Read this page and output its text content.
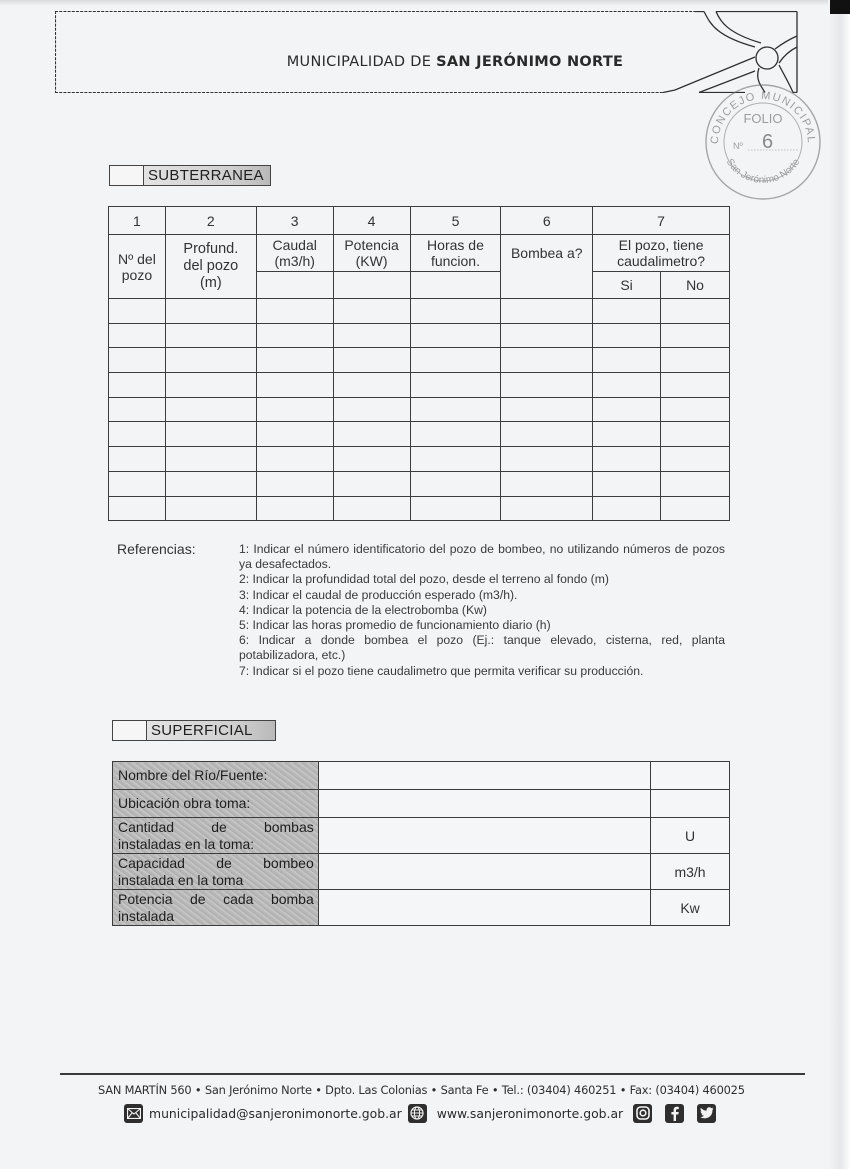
MUNICIPALIDAD DE SAN JERÓNIMO NORTE
CONCEJO MUNICIPAL
San Jerónimo Norte
FOLIO
Nº 6
SUBTERRANEA
1	2	3	4	5	6	7	
Nº del pozo	Profund. del pozo (m)	Caudal (m3/h)	Potencia (KW)	Horas de funcion.	Bombea a?	El pozo, tiene caudalimetro?	
						Si	No

Referencias:	1: Indicar el número identificatorio del pozo de bombeo, no utilizando números de pozos ya desafectados.
2: Indicar la profundidad total del pozo, desde el terreno al fondo (m)
3: Indicar el caudal de producción esperado (m3/h).
4: Indicar la potencia de la electrobomba (Kw)
5: Indicar las horas promedio de funcionamiento diario (h)
6: Indicar a donde bombea el pozo (Ej.: tanque elevado, cisterna, red, planta potabilizadora, etc.)
7: Indicar si el pozo tiene caudalimetro que permita verificar su producción.
SUPERFICIAL
Nombre del Río/Fuente:		
Ubicación obra toma:		
Cantidad de bombas instaladas en la toma:		U
Capacidad de bombeo instalada en la toma		m3/h
Potencia de cada bomba instalada		Kw
SAN MARTÍN 560 • San Jerónimo Norte • Dpto. Las Colonias • Santa Fe • Tel.: (03404) 460251 • Fax: (03404) 460025
municipalidad@sanjeronimonorte.gob.ar	www.sanjeronimonorte.gob.ar
